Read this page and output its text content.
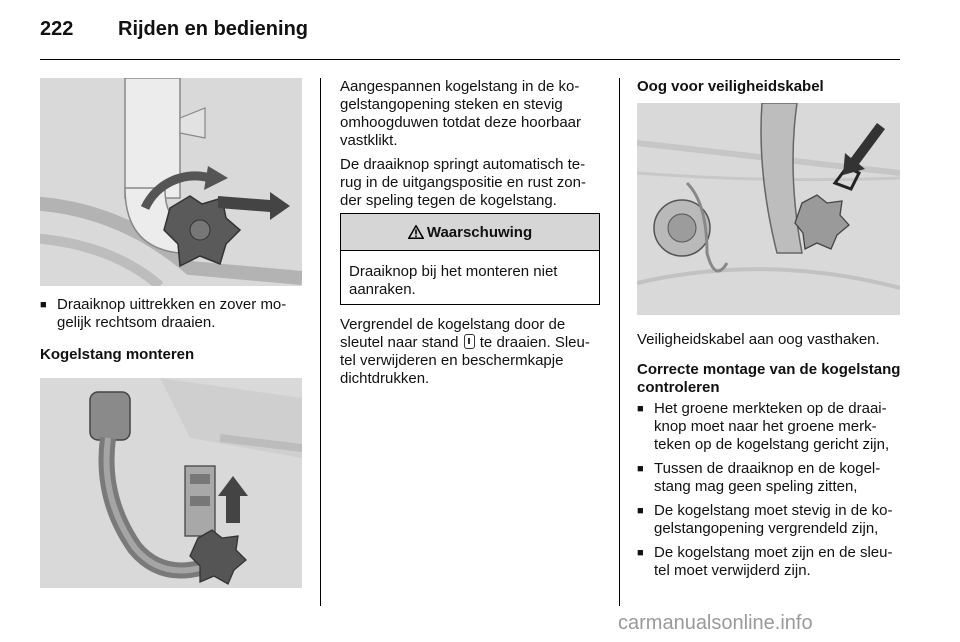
222 Rijden en bediening

■ Draaiknop uittrekken en zover mo-gelijk rechtsom draaien.

Kogelstang monteren

Aangespannen kogelstang in de ko-gelstangopening steken en stevig omhoogduwen totdat deze hoorbaar vastklikt.

De draaiknop springt automatisch te-rug in de uitgangspositie en rust zon-der speling tegen de kogelstang.

Waarschuwing
Draaiknop bij het monteren niet aanraken.

Vergrendel de kogelstang door de sleutel naar stand te draaien. Sleu-tel verwijderen en beschermkapje dichtdrukken.

Oog voor veiligheidskabel

Veiligheidskabel aan oog vasthaken.

Correcte montage van de kogelstang controleren

■ Het groene merkteken op de draai-knop moet naar het groene merk-teken op de kogelstang gericht zijn,

■ Tussen de draaiknop en de kogel-stang mag geen speling zitten,

■ De kogelstang moet stevig in de ko-gelstangopening vergrendeld zijn,

■ De kogelstang moet zijn en de sleu-tel moet verwijderd zijn.

carmanualsonline.info
